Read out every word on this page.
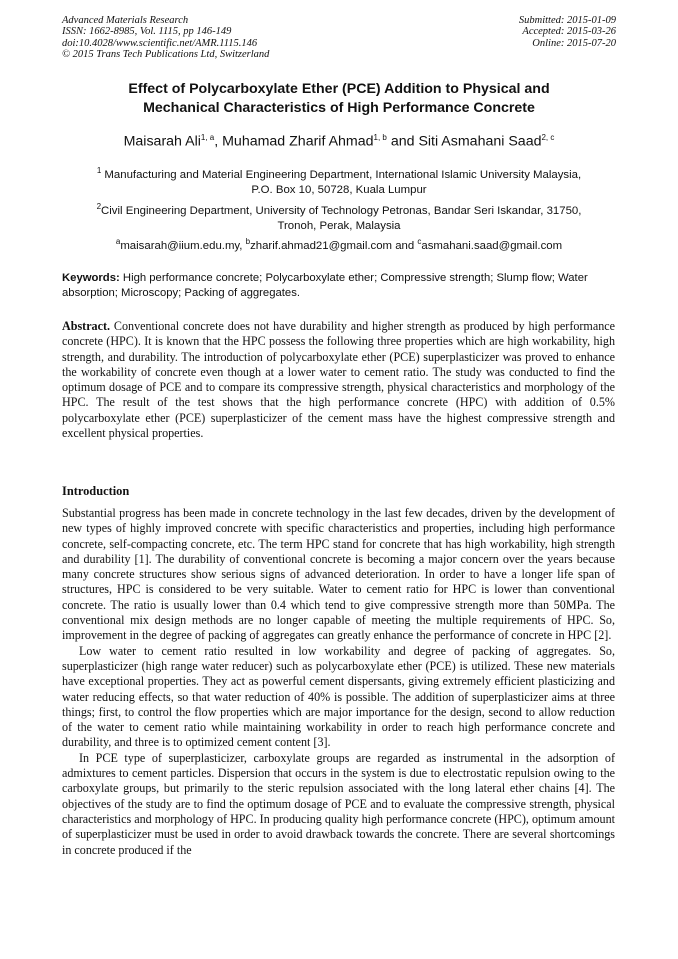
Advanced Materials Research
ISSN: 1662-8985, Vol. 1115, pp 146-149
doi:10.4028/www.scientific.net/AMR.1115.146
© 2015 Trans Tech Publications Ltd, Switzerland
Submitted: 2015-01-09
Accepted: 2015-03-26
Online: 2015-07-20
Effect of Polycarboxylate Ether (PCE) Addition to Physical and
Mechanical Characteristics of High Performance Concrete
Maisarah Ali$^{1, a}$, Muhamad Zharif Ahmad$^{1, b}$ and Siti Asmahani Saad$^{2, c}$
$^1$ Manufacturing and Material Engineering Department, International Islamic University Malaysia,
P.O. Box 10, 50728, Kuala Lumpur
$^2$Civil Engineering Department, University of Technology Petronas, Bandar Seri Iskandar, 31750,
Tronoh, Perak, Malaysia
$^a$maisarah@iium.edu.my, $^b$zharif.ahmad21@gmail.com and $^c$asmahani.saad@gmail.com
Keywords: High performance concrete; Polycarboxylate ether; Compressive strength; Slump flow; Water absorption; Microscopy; Packing of aggregates.
Abstract. Conventional concrete does not have durability and higher strength as produced by high performance concrete (HPC). It is known that the HPC possess the following three properties which are high workability, high strength, and durability. The introduction of polycarboxylate ether (PCE) superplasticizer was proved to enhance the workability of concrete even though at a lower water to cement ratio. The study was conducted to find the optimum dosage of PCE and to compare its compressive strength, physical characteristics and morphology of the HPC. The result of the test shows that the high performance concrete (HPC) with addition of 0.5% polycarboxylate ether (PCE) superplasticizer of the cement mass have the highest compressive strength and excellent physical properties.
Introduction

Substantial progress has been made in concrete technology in the last few decades, driven by the development of new types of highly improved concrete with specific characteristics and properties, including high performance concrete, self-compacting concrete, etc. The term HPC stand for concrete that has high workability, high strength and durability [1]. The durability of conventional concrete is becoming a major concern over the years because many concrete structures show serious signs of advanced deterioration. In order to have a longer life span of structures, HPC is considered to be very suitable. Water to cement ratio for HPC is lower than conventional concrete. The ratio is usually lower than 0.4 which tend to give compressive strength more than 50MPa. The conventional mix design methods are no longer capable of meeting the multiple requirements of HPC. So, improvement in the degree of packing of aggregates can greatly enhance the performance of concrete in HPC [2].

Low water to cement ratio resulted in low workability and degree of packing of aggregates. So, superplasticizer (high range water reducer) such as polycarboxylate ether (PCE) is utilized. These new materials have exceptional properties. They act as powerful cement dispersants, giving extremely efficient plasticizing and water reducing effects, so that water reduction of 40% is possible. The addition of superplasticizer aims at three things; first, to control the flow properties which are major importance for the design, second to allow reduction of the water to cement ratio while maintaining workability in order to reach high performance concrete and durability, and three is to optimized cement content [3].

In PCE type of superplasticizer, carboxylate groups are regarded as instrumental in the adsorption of admixtures to cement particles. Dispersion that occurs in the system is due to electrostatic repulsion owing to the carboxylate groups, but primarily to the steric repulsion associated with the long lateral ether chains [4]. The objectives of the study are to find the optimum dosage of PCE and to evaluate the compressive strength, physical characteristics and morphology of HPC. In producing quality high performance concrete (HPC), optimum amount of superplasticizer must be used in order to avoid drawback towards the concrete. There are several shortcomings in concrete produced if the
